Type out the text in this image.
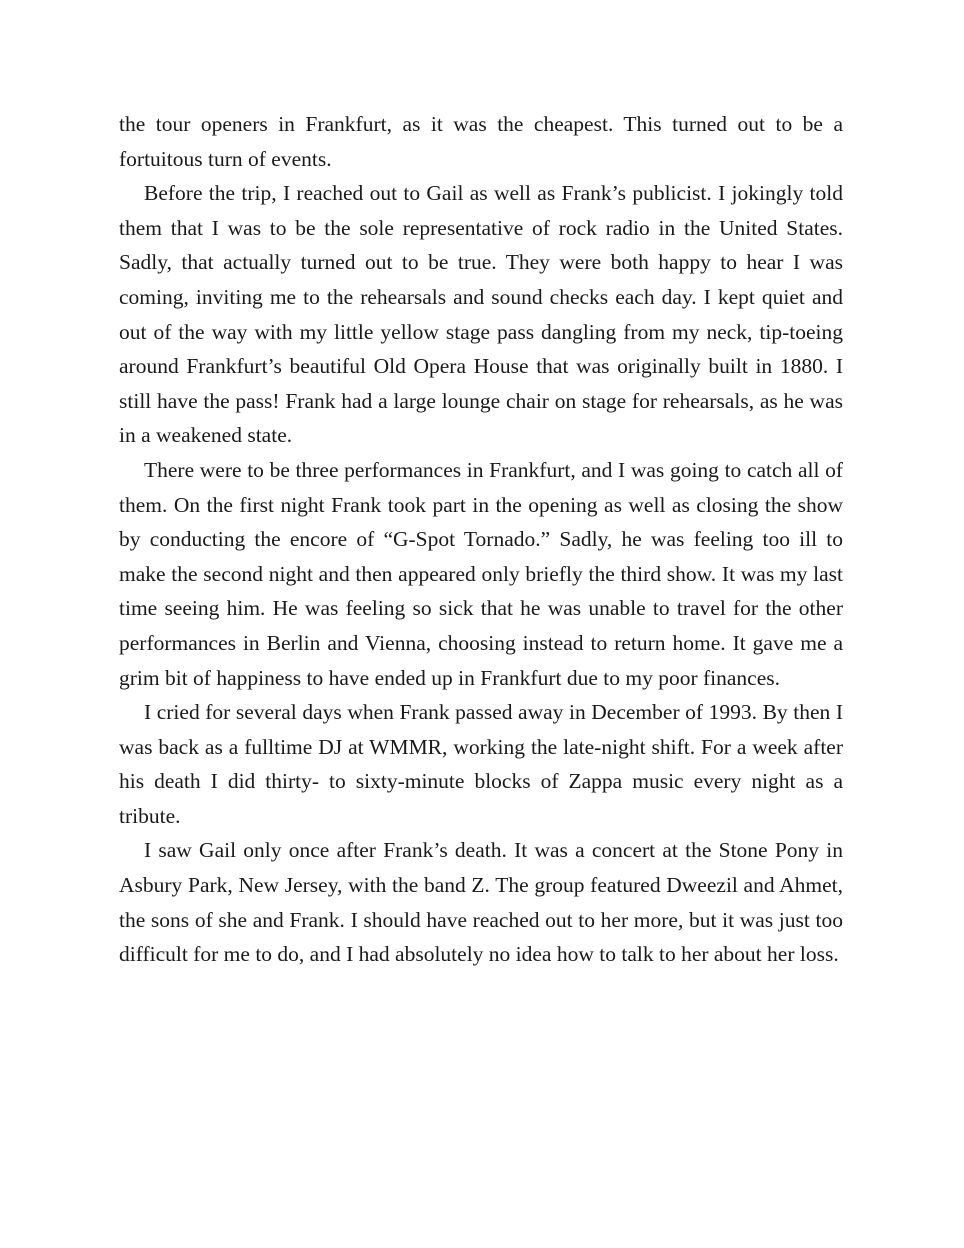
the tour openers in Frankfurt, as it was the cheapest. This turned out to be a fortuitous turn of events.

Before the trip, I reached out to Gail as well as Frank’s publicist. I jokingly told them that I was to be the sole representative of rock radio in the United States. Sadly, that actually turned out to be true. They were both happy to hear I was coming, inviting me to the rehearsals and sound checks each day. I kept quiet and out of the way with my little yellow stage pass dangling from my neck, tip-toeing around Frankfurt’s beautiful Old Opera House that was originally built in 1880. I still have the pass! Frank had a large lounge chair on stage for rehearsals, as he was in a weakened state.

There were to be three performances in Frankfurt, and I was going to catch all of them. On the first night Frank took part in the opening as well as closing the show by conducting the encore of “G-Spot Tornado.” Sadly, he was feeling too ill to make the second night and then appeared only briefly the third show. It was my last time seeing him. He was feeling so sick that he was unable to travel for the other performances in Berlin and Vienna, choosing instead to return home. It gave me a grim bit of happiness to have ended up in Frankfurt due to my poor finances.

I cried for several days when Frank passed away in December of 1993. By then I was back as a fulltime DJ at WMMR, working the late-night shift. For a week after his death I did thirty- to sixty-minute blocks of Zappa music every night as a tribute.

I saw Gail only once after Frank’s death. It was a concert at the Stone Pony in Asbury Park, New Jersey, with the band Z. The group featured Dweezil and Ahmet, the sons of she and Frank. I should have reached out to her more, but it was just too difficult for me to do, and I had absolutely no idea how to talk to her about her loss.
